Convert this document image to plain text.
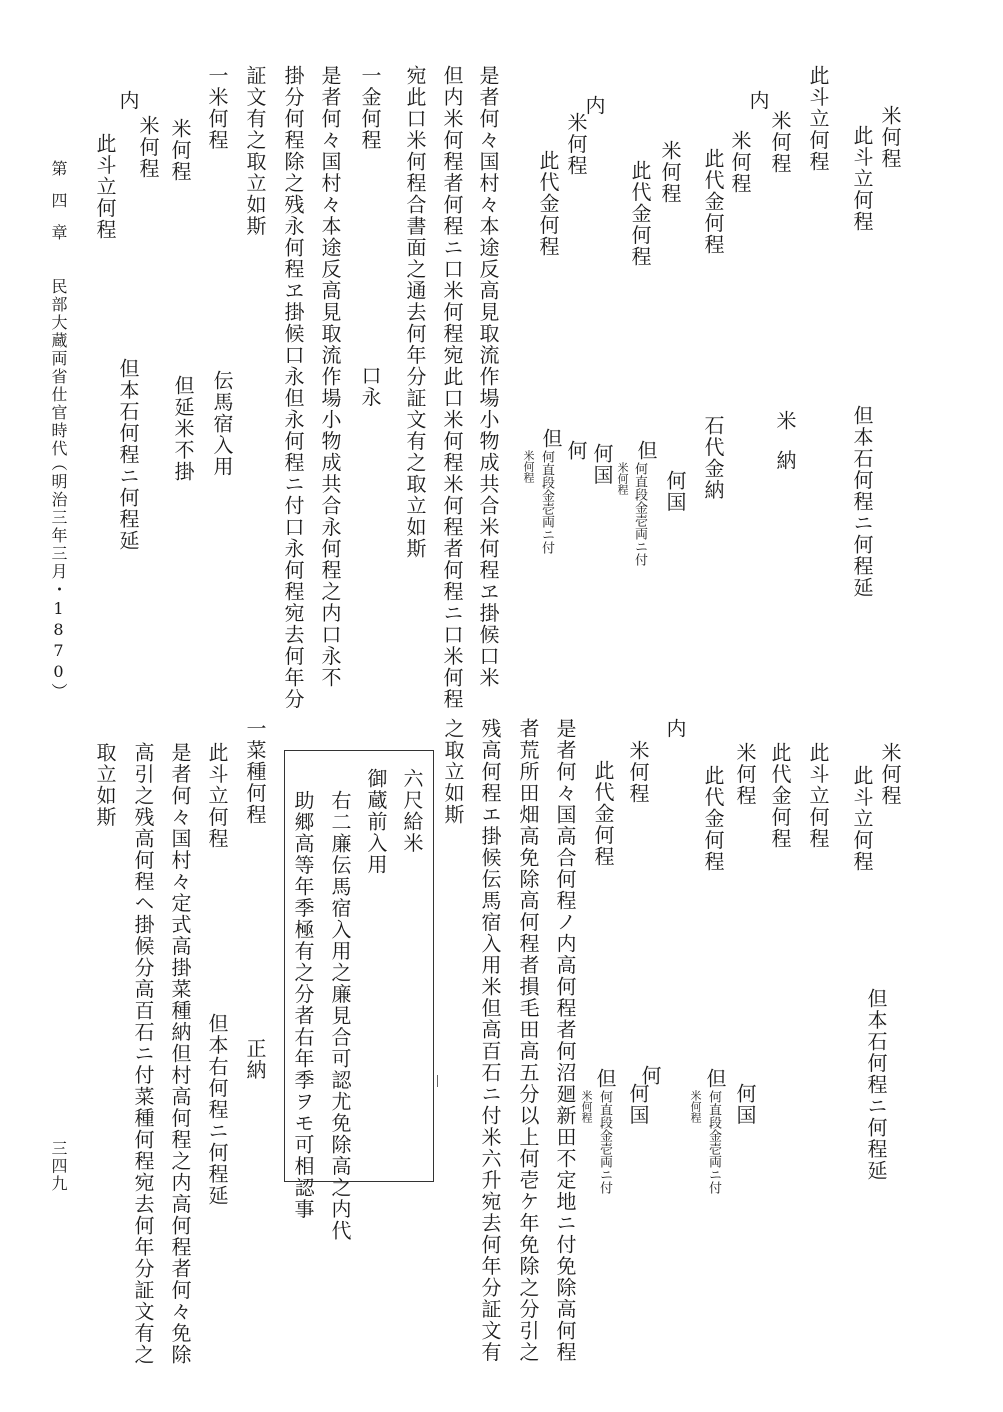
米何程
此斗立何程
但本石何程ニ何程延
此斗立何程
内
米何程
米
米何程
納
此代金何程
石代金納
米何程
何国
此代金何程
但
何直段金壱両ニ付
米何程
内
何国
米何程
何
此代金何程
但
何直段金壱両ニ付
米何程
是者何々国村々本途反高見取流作場小物成共合米何程ヱ掛候口米
但内米何程者何程ニ口米何程宛此口米何程米何程者何程ニ口米何程
宛此口米何程合書面之通去何年分証文有之取立如斯
一金何程
口永
是者何々国村々本途反高見取流作場小物成共合永何程之内口永不
掛分何程除之残永何程ヱ掛候口永但永何程ニ付口永何程宛去何年分
証文有之取立如斯
一米何程
伝馬宿入用
米何程
但延米不掛
内
米何程
但本石何程ニ何程延
此斗立何程
米何程
此斗立何程
但本石何程ニ何程延
此斗立何程
此代金何程
米何程
此代金何程
但
何直段金壱両ニ付
米何程 何国
内
米何程
何国
何
此代金何程
但
何直段金壱両ニ付
米何程
是者何々国高合何程ノ内高何程者何沼廻新田不定地ニ付免除高何程
者荒所田畑高免除高何程者損毛田高五分以上何壱ケ年免除之分引之
残高何程エ掛候伝馬宿入用米但高百石ニ付米六升宛去何年分証文有
之取立如斯
六尺給米
御蔵前入用
右二廉伝馬宿入用之廉見合可認尤免除高之内代
助郷高等年季極有之分者右年季ヲモ可相認事
一菜種何程
正納
此斗立何程
但本右何程ニ何程延
是者何々国村々定式高掛菜種納但村高何程之内高何程者何々免除
高引之残高何程ヘ掛候分高百石ニ付菜種何程宛去何年分証文有之
取立如斯
第四章
民部大蔵両省仕官時代
（明治三年三月・1870）
三四九
